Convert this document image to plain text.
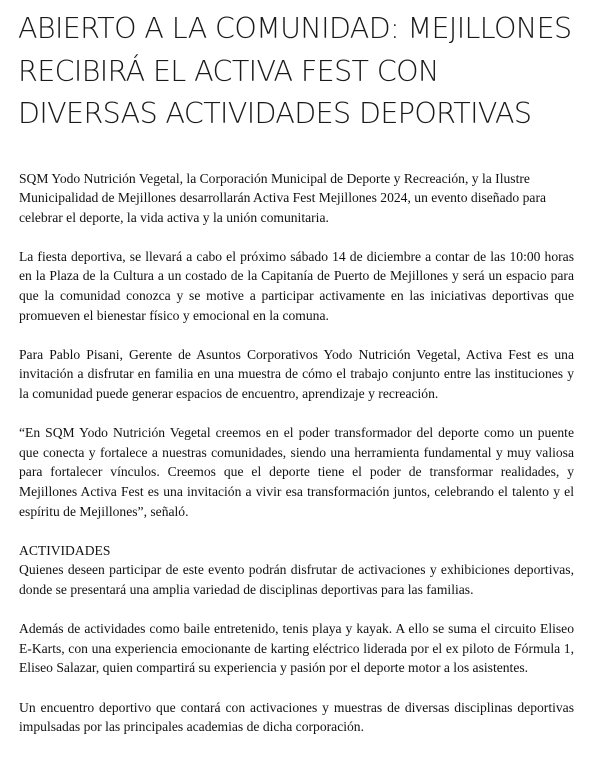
ABIERTO A LA COMUNIDAD: MEJILLONES RECIBIRÁ EL ACTIVA FEST CON DIVERSAS ACTIVIDADES DEPORTIVAS

SQM Yodo Nutrición Vegetal, la Corporación Municipal de Deporte y Recreación, y la Ilustre Municipalidad de Mejillones desarrollarán Activa Fest Mejillones 2024, un evento diseñado para celebrar el deporte, la vida activa y la unión comunitaria.

La fiesta deportiva, se llevará a cabo el próximo sábado 14 de diciembre a contar de las 10:00 horas en la Plaza de la Cultura a un costado de la Capitanía de Puerto de Mejillones y será un espacio para que la comunidad conozca y se motive a participar activamente en las iniciativas deportivas que promueven el bienestar físico y emocional en la comuna.

Para Pablo Pisani, Gerente de Asuntos Corporativos Yodo Nutrición Vegetal, Activa Fest es una invitación a disfrutar en familia en una muestra de cómo el trabajo conjunto entre las instituciones y la comunidad puede generar espacios de encuentro, aprendizaje y recreación.

“En SQM Yodo Nutrición Vegetal creemos en el poder transformador del deporte como un puente que conecta y fortalece a nuestras comunidades, siendo una herramienta fundamental y muy valiosa para fortalecer vínculos. Creemos que el deporte tiene el poder de transformar realidades, y Mejillones Activa Fest es una invitación a vivir esa transformación juntos, celebrando el talento y el espíritu de Mejillones”, señaló.

ACTIVIDADES

Quienes deseen participar de este evento podrán disfrutar de activaciones y exhibiciones deportivas, donde se presentará una amplia variedad de disciplinas deportivas para las familias.

Además de actividades como baile entretenido, tenis playa y kayak. A ello se suma el circuito Eliseo E-Karts, con una experiencia emocionante de karting eléctrico liderada por el ex piloto de Fórmula 1, Eliseo Salazar, quien compartirá su experiencia y pasión por el deporte motor a los asistentes.

Un encuentro deportivo que contará con activaciones y muestras de diversas disciplinas deportivas impulsadas por las principales academias de dicha corporación.
